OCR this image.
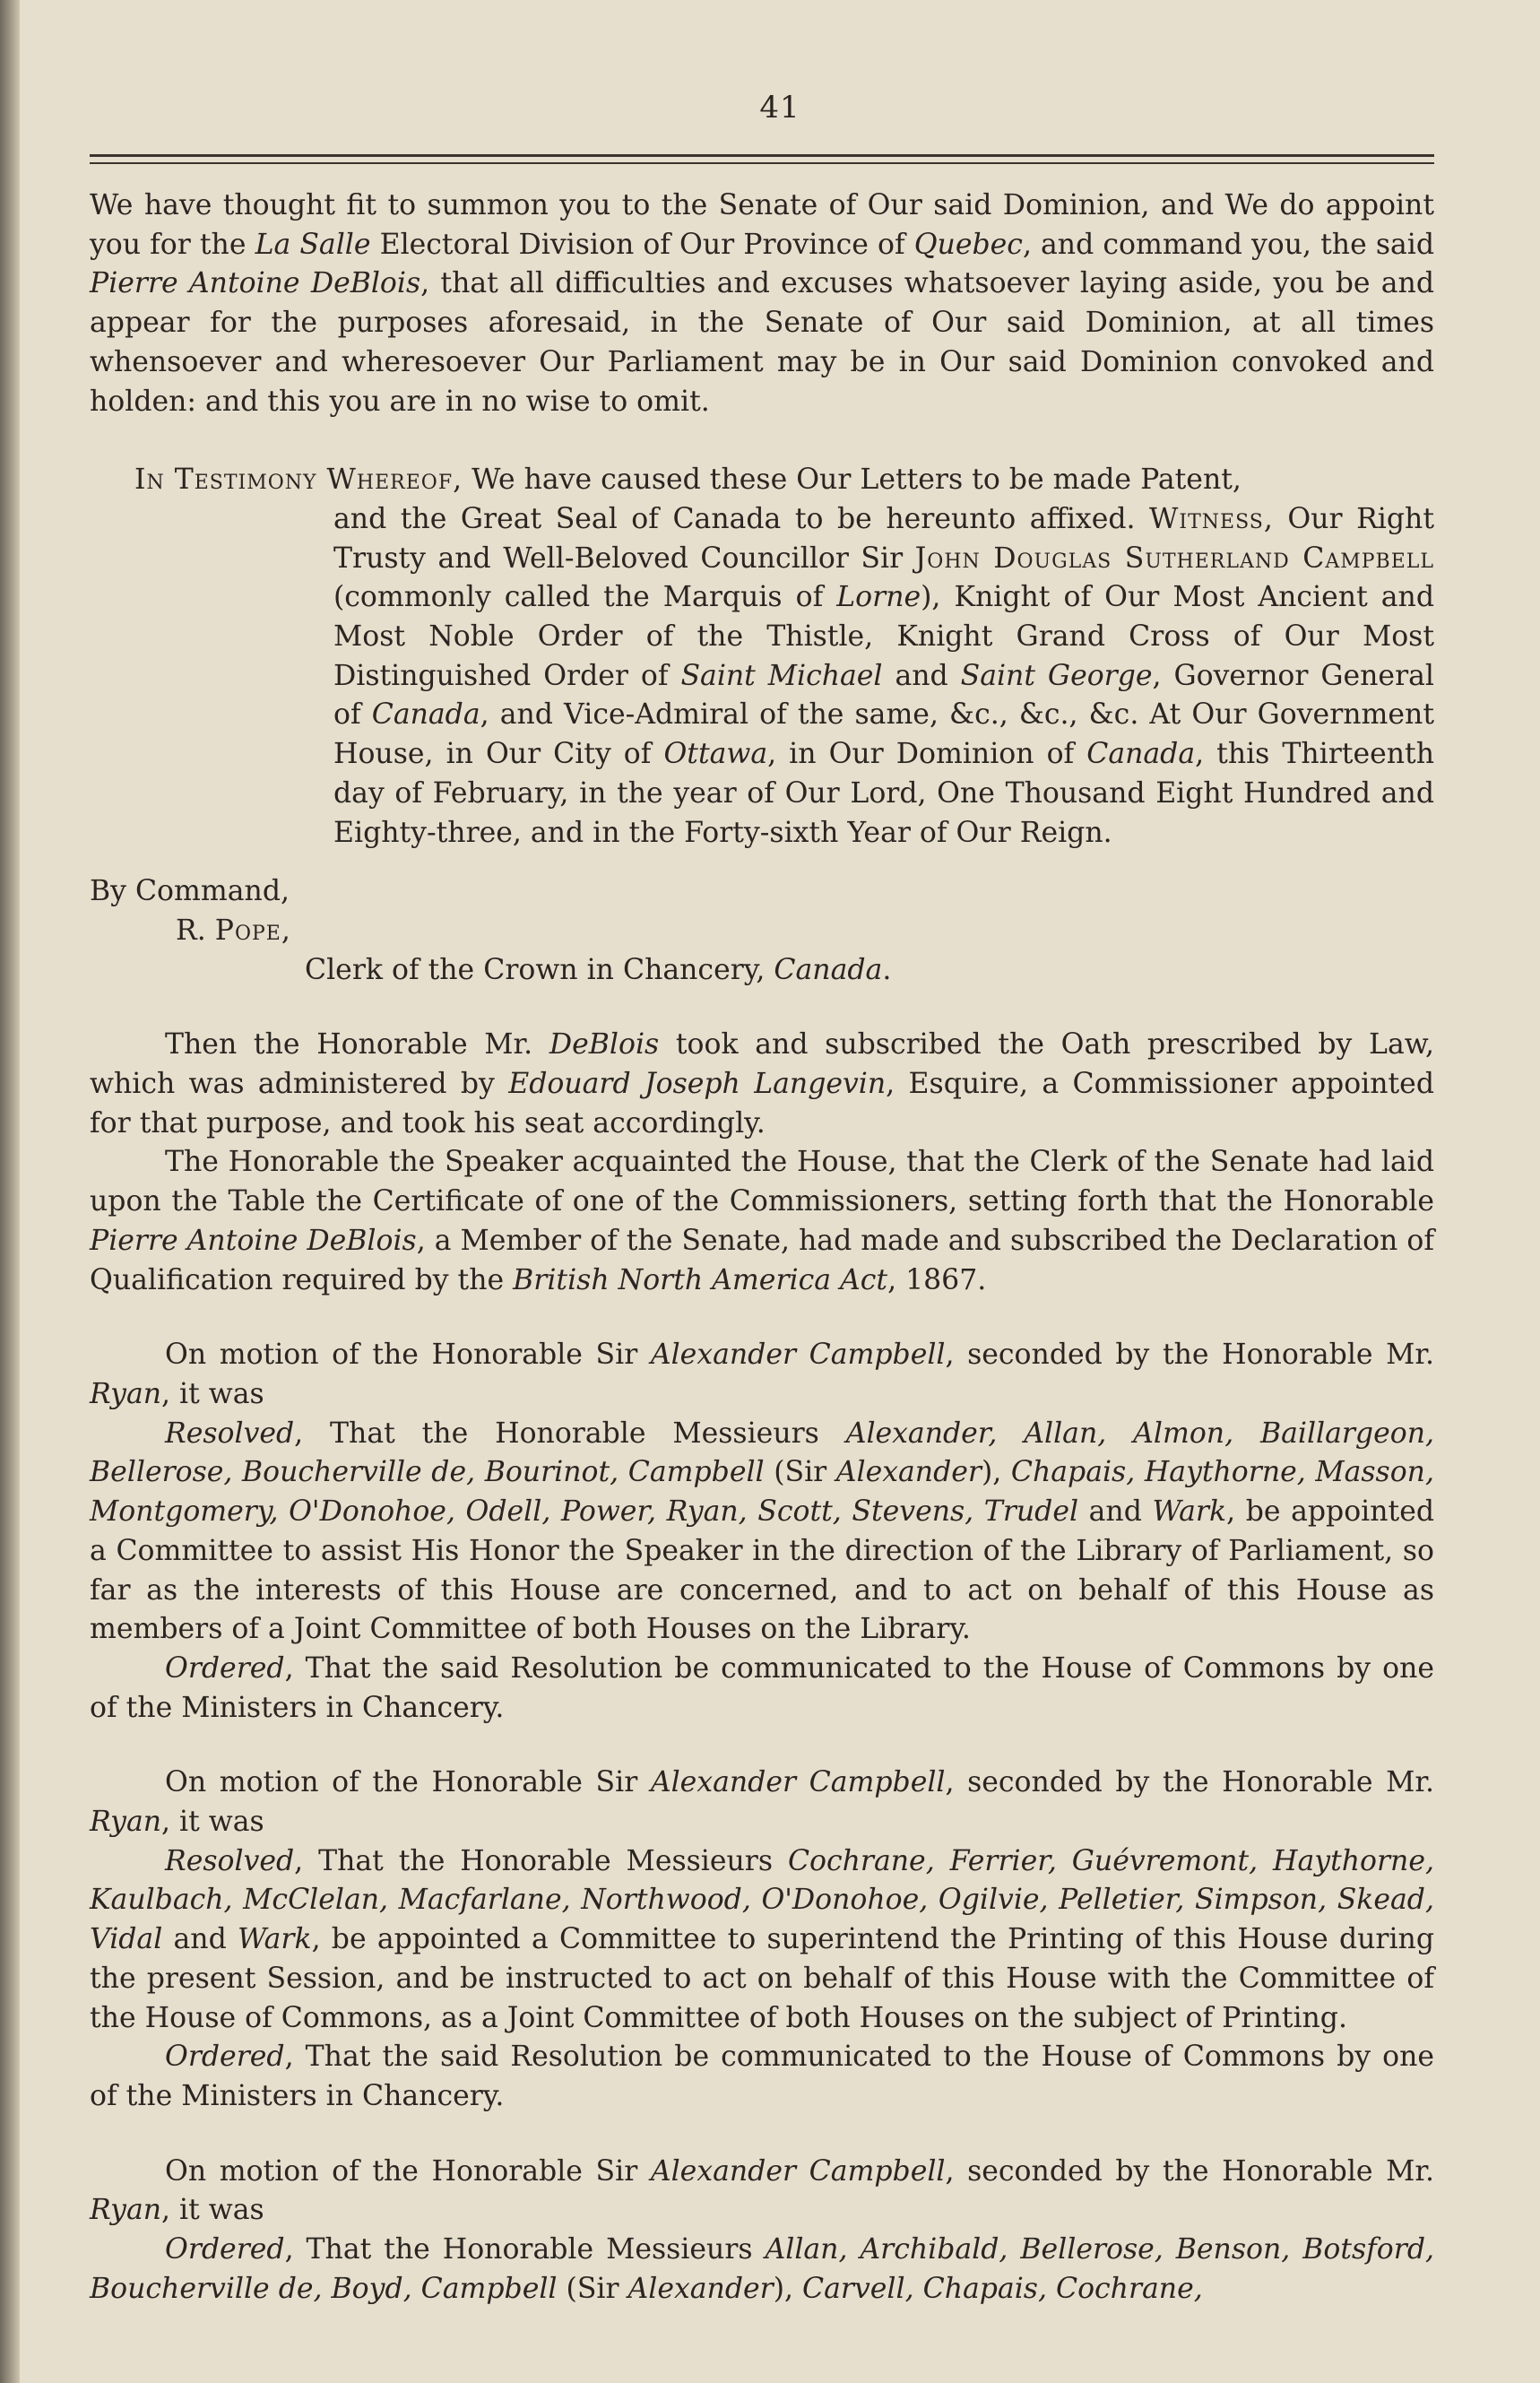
41

We have thought fit to summon you to the Senate of Our said Dominion, and We do appoint you for the La Salle Electoral Division of Our Province of Quebec, and command you, the said Pierre Antoine DeBlois, that all difficulties and excuses whatsoever laying aside, you be and appear for the purposes aforesaid, in the Senate of Our said Dominion, at all times whensoever and wheresoever Our Parliament may be in Our said Dominion convoked and holden: and this you are in no wise to omit.

In Testimony Whereof, We have caused these Our Letters to be made Patent,

and the Great Seal of Canada to be hereunto affixed. Witness, Our Right Trusty and Well-Beloved Councillor Sir John Douglas Sutherland Campbell (commonly called the Marquis of Lorne), Knight of Our Most Ancient and Most Noble Order of the Thistle, Knight Grand Cross of Our Most Distinguished Order of Saint Michael and Saint George, Governor General of Canada, and Vice-Admiral of the same, &c., &c., &c. At Our Government House, in Our City of Ottawa, in Our Dominion of Canada, this Thirteenth day of February, in the year of Our Lord, One Thousand Eight Hundred and Eighty-three, and in the Forty-sixth Year of Our Reign.

By Command,
R. Pope,
Clerk of the Crown in Chancery, Canada.

Then the Honorable Mr. DeBlois took and subscribed the Oath prescribed by Law, which was administered by Edouard Joseph Langevin, Esquire, a Commissioner appointed for that purpose, and took his seat accordingly.

The Honorable the Speaker acquainted the House, that the Clerk of the Senate had laid upon the Table the Certificate of one of the Commissioners, setting forth that the Honorable Pierre Antoine DeBlois, a Member of the Senate, had made and subscribed the Declaration of Qualification required by the British North America Act, 1867.

On motion of the Honorable Sir Alexander Campbell, seconded by the Honorable Mr. Ryan, it was

Resolved, That the Honorable Messieurs Alexander, Allan, Almon, Baillargeon, Bellerose, Boucherville de, Bourinot, Campbell (Sir Alexander), Chapais, Haythorne, Masson, Montgomery, O'Donohoe, Odell, Power, Ryan, Scott, Stevens, Trudel and Wark, be appointed a Committee to assist His Honor the Speaker in the direction of the Library of Parliament, so far as the interests of this House are concerned, and to act on behalf of this House as members of a Joint Committee of both Houses on the Library.

Ordered, That the said Resolution be communicated to the House of Commons by one of the Ministers in Chancery.

On motion of the Honorable Sir Alexander Campbell, seconded by the Honorable Mr. Ryan, it was

Resolved, That the Honorable Messieurs Cochrane, Ferrier, Guévremont, Haythorne, Kaulbach, McClelan, Macfarlane, Northwood, O'Donohoe, Ogilvie, Pelletier, Simpson, Skead, Vidal and Wark, be appointed a Committee to superintend the Printing of this House during the present Session, and be instructed to act on behalf of this House with the Committee of the House of Commons, as a Joint Committee of both Houses on the subject of Printing.

Ordered, That the said Resolution be communicated to the House of Commons by one of the Ministers in Chancery.

On motion of the Honorable Sir Alexander Campbell, seconded by the Honorable Mr. Ryan, it was

Ordered, That the Honorable Messieurs Allan, Archibald, Bellerose, Benson, Botsford, Boucherville de, Boyd, Campbell (Sir Alexander), Carvell, Chapais, Cochrane,
